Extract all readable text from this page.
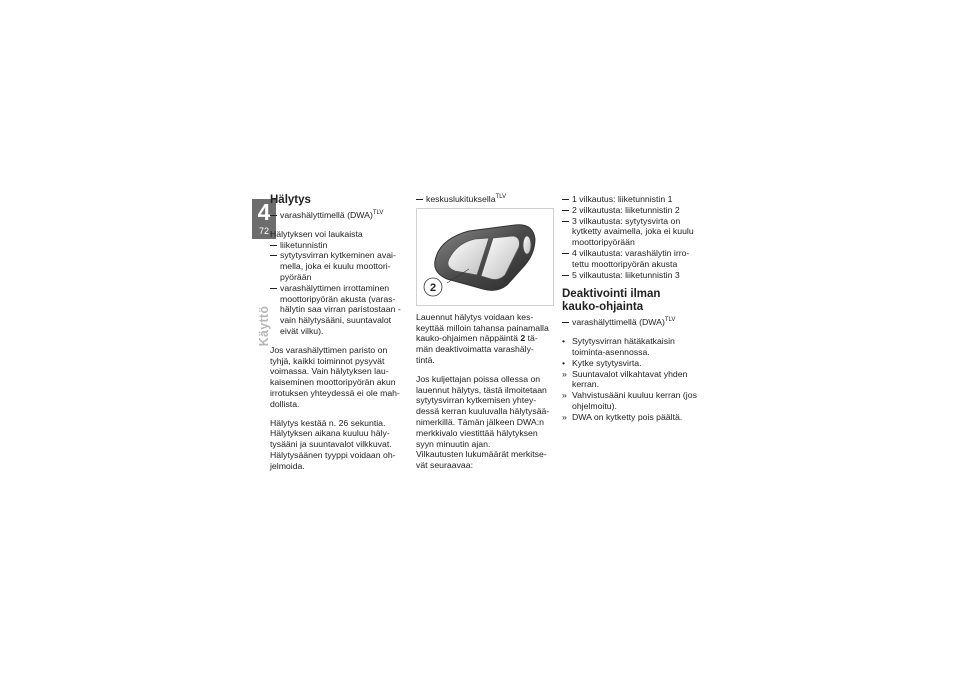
4
72
Käyttö
Hälytys
varashälyttimellä (DWA)$^{TLV}$

Hälytyksen voi laukaista

liiketunnistin
sytytysvirran kytkeminen avai-mella, joka ei kuulu moottori-pyörään
varashälyttimen irrottaminen moottoripyörän akusta (varas-hälytin saa virran paristostaan - vain hälytysääni, suuntavalot eivät vilku).

Jos varashälyttimen paristo on tyhjä, kaikki toiminnot pysyvät voimassa. Vain hälytyksen lau-kaiseminen moottoripyörän akun irrotuksen yhteydessä ei ole mah-dollista.

Hälytys kestää n. 26 sekuntia. Hälytyksen aikana kuuluu häly-tysääni ja suuntavalot vilkkuvat. Hälytysäänen tyyppi voidaan oh-jelmoida.

keskuslukituksella$^{TLV}$
2

Lauennut hälytys voidaan kes-keyttää milloin tahansa painamalla kauko-ohjaimen näppäintä 2 tä-män deaktivoimatta varashäly-tintä.

Jos kuljettajan poissa ollessa on lauennut hälytys, tästä ilmoitetaan sytytysvirran kytkemisen yhtey-dessä kerran kuuluvalla hälytysää-nimerkillä. Tämän jälkeen DWA:n merkkivalo viestittää hälytyksen syyn minuutin ajan.

Vilkautusten lukumäärät merkitse-vät seuraavaa:

1 vilkautus: liiketunnistin 1
2 vilkautusta: liiketunnistin 2
3 vilkautusta: sytytysvirta on kytketty avaimella, joka ei kuulu moottoripyörään
4 vilkautusta: varashälytin irro-tettu moottoripyörän akusta
5 vilkautusta: liiketunnistin 3
Deaktivointi ilman kauko-ohjainta
varashälyttimellä (DWA)$^{TLV}$
• Sytytysvirran hätäkatkaisin toiminta-asennossa.
• Kytke sytytysvirta.
» Suuntavalot vilkahtavat yhden kerran.
» Vahvistusääni kuuluu kerran (jos ohjelmoitu).
» DWA on kytketty pois päältä.
